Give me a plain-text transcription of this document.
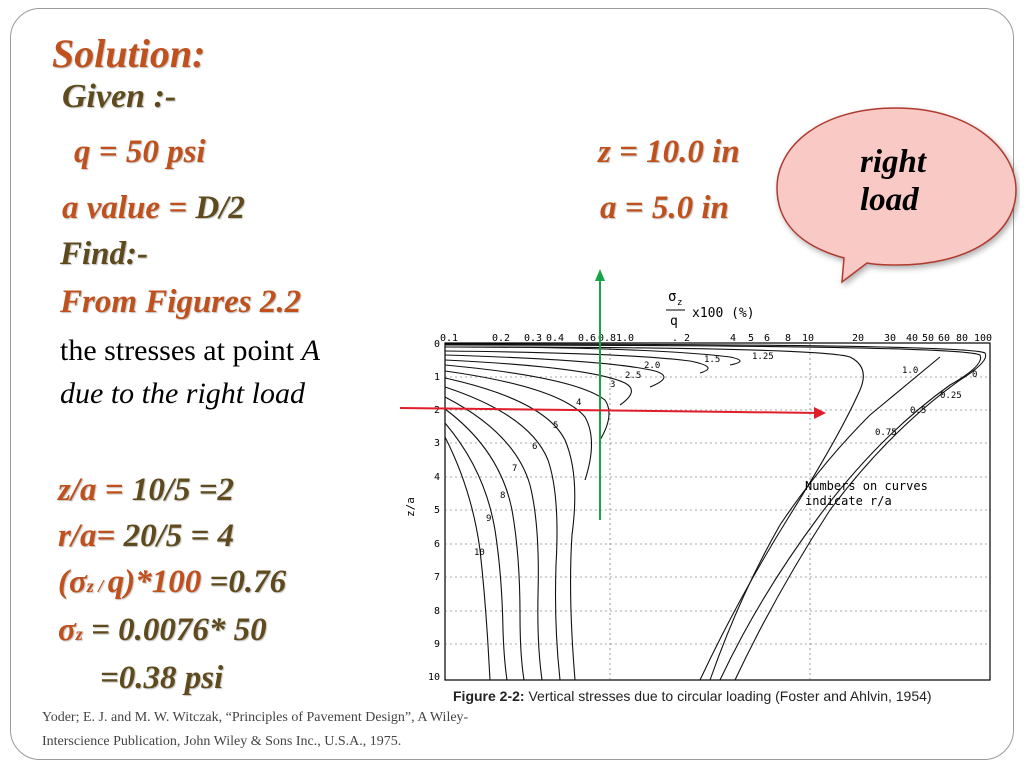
Solution:
Given :-
q = 50 psi	z = 10.0 in
a value = D/2	a = 5.0 in
Find:-
From Figures 2.2
the stresses at point A
due to the right load
z/a = 10/5 =2
r/a= 20/5 = 4
(σz / q)*100 =0.76
σz = 0.0076* 50
=0.38 psi
right
load
σ z
q
x100 (%)
0.1	0.2 0.3 0.4 0.6 0.8 1.0	. 2	4 5 6 8 10	20 30 40 50 60 80 100
0
1
2
3
4
5
6
7
8
9
10
z/a
1.5	1.25
2.0
2.5
3
4
5
6
7
8
9
10
1.0	0
0.25
0.5
0.75
Numbers on curves
indicate r/a
Figure 2-2: Vertical stresses due to circular loading (Foster and Ahlvin, 1954)
Yoder; E. J. and M. W. Witczak, “Principles of Pavement Design”, A Wiley-
Interscience Publication, John Wiley & Sons Inc., U.S.A., 1975.
